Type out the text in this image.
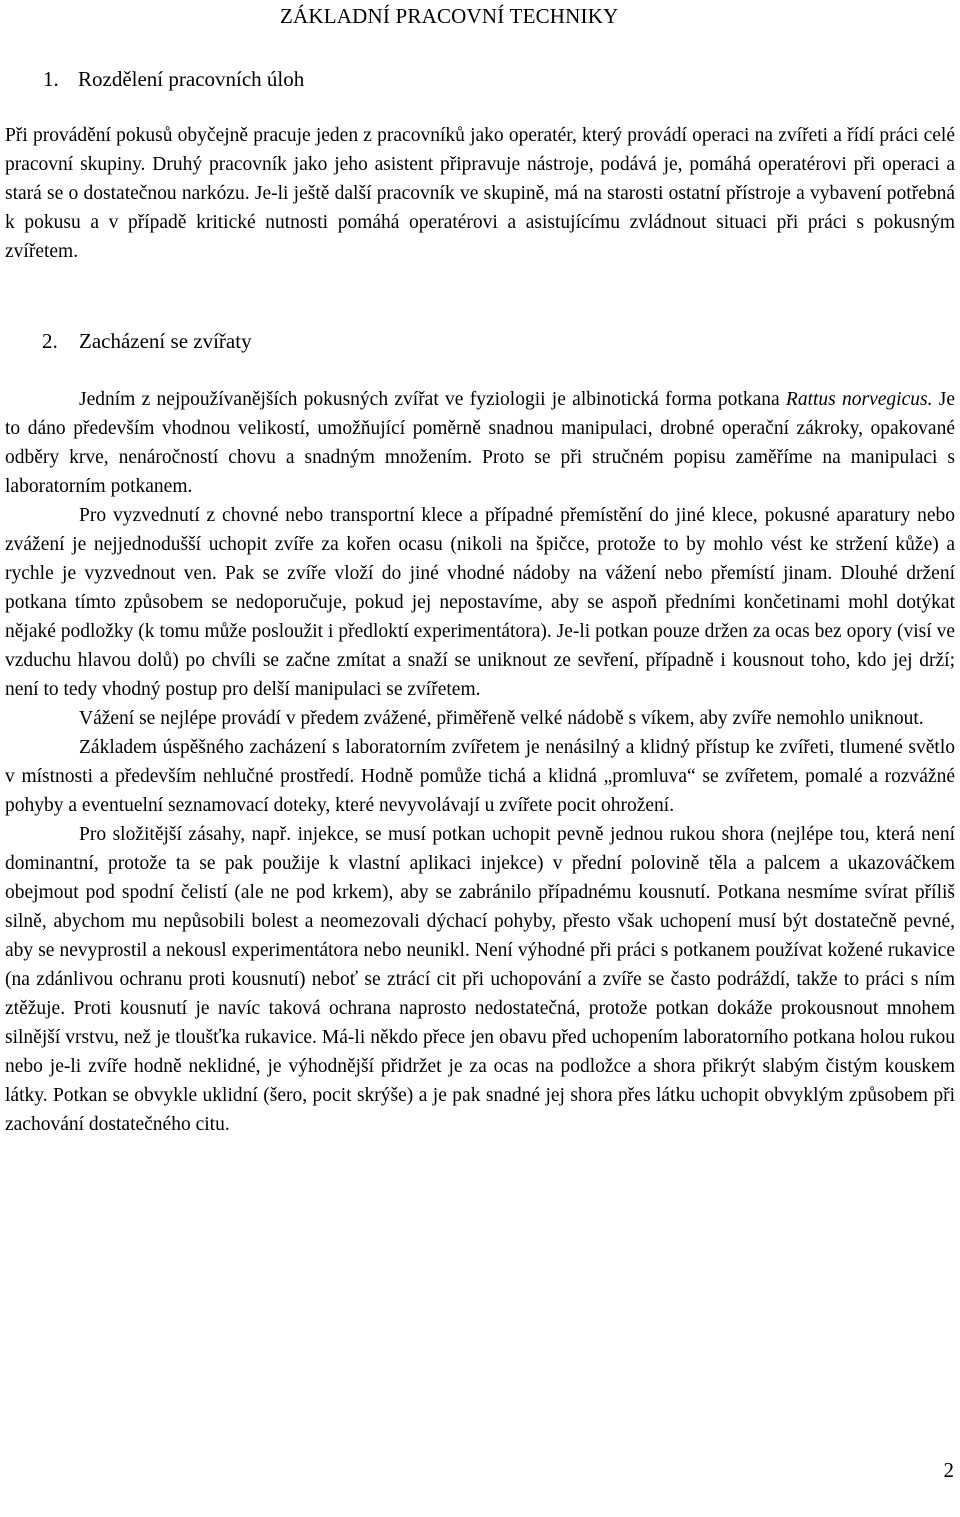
ZÁKLADNÍ PRACOVNÍ TECHNIKY
1. Rozdělení pracovních úloh

Při provádění pokusů obyčejně pracuje jeden z pracovníků jako operatér, který provádí operaci na zvířeti a řídí práci celé pracovní skupiny. Druhý pracovník jako jeho asistent připravuje nástroje, podává je, pomáhá operatérovi při operaci a stará se o dostatečnou narkózu. Je-li ještě další pracovník ve skupině, má na starosti ostatní přístroje a vybavení potřebná k pokusu a v případě kritické nutnosti pomáhá operatérovi a asistujícímu zvládnout situaci při práci s pokusným zvířetem.

2. Zacházení se zvířaty

Jedním z nejpoužívanějších pokusných zvířat ve fyziologii je albinotická forma potkana Rattus norvegicus. Je to dáno především vhodnou velikostí, umožňující poměrně snadnou manipulaci, drobné operační zákroky, opakované odběry krve, nenáročností chovu a snadným množením. Proto se při stručném popisu zaměříme na manipulaci s laboratorním potkanem.

Pro vyzvednutí z chovné nebo transportní klece a případné přemístění do jiné klece, pokusné aparatury nebo zvážení je nejjednodušší uchopit zvíře za kořen ocasu (nikoli na špičce, protože to by mohlo vést ke stržení kůže) a rychle je vyzvednout ven. Pak se zvíře vloží do jiné vhodné nádoby na vážení nebo přemístí jinam. Dlouhé držení potkana tímto způsobem se nedoporučuje, pokud jej nepostavíme, aby se aspoň předními končetinami mohl dotýkat nějaké podložky (k tomu může posloužit i předloktí experimentátora). Je-li potkan pouze držen za ocas bez opory (visí ve vzduchu hlavou dolů) po chvíli se začne zmítat a snaží se uniknout ze sevření, případně i kousnout toho, kdo jej drží; není to tedy vhodný postup pro delší manipulaci se zvířetem.

Vážení se nejlépe provádí v předem zvážené, přiměřeně velké nádobě s víkem, aby zvíře nemohlo uniknout.

Základem úspěšného zacházení s laboratorním zvířetem je nenásilný a klidný přístup ke zvířeti, tlumené světlo v místnosti a především nehlučné prostředí. Hodně pomůže tichá a klidná „promluva“ se zvířetem, pomalé a rozvážné pohyby a eventuelní seznamovací doteky, které nevyvolávají u zvířete pocit ohrožení.

Pro složitější zásahy, např. injekce, se musí potkan uchopit pevně jednou rukou shora (nejlépe tou, která není dominantní, protože ta se pak použije k vlastní aplikaci injekce) v přední polovině těla a palcem a ukazováčkem obejmout pod spodní čelistí (ale ne pod krkem), aby se zabránilo případnému kousnutí. Potkana nesmíme svírat příliš silně, abychom mu nepůsobili bolest a neomezovali dýchací pohyby, přesto však uchopení musí být dostatečně pevné, aby se nevyprostil a nekousl experimentátora nebo neunikl. Není výhodné při práci s potkanem používat kožené rukavice (na zdánlivou ochranu proti kousnutí) neboť se ztrácí cit při uchopování a zvíře se často podráždí, takže to práci s ním ztěžuje. Proti kousnutí je navíc taková ochrana naprosto nedostatečná, protože potkan dokáže prokousnout mnohem silnější vrstvu, než je tloušťka rukavice. Má-li někdo přece jen obavu před uchopením laboratorního potkana holou rukou nebo je-li zvíře hodně neklidné, je výhodnější přidržet je za ocas na podložce a shora přikrýt slabým čistým kouskem látky. Potkan se obvykle uklidní (šero, pocit skrýše) a je pak snadné jej shora přes látku uchopit obvyklým způsobem při zachování dostatečného citu.

2
